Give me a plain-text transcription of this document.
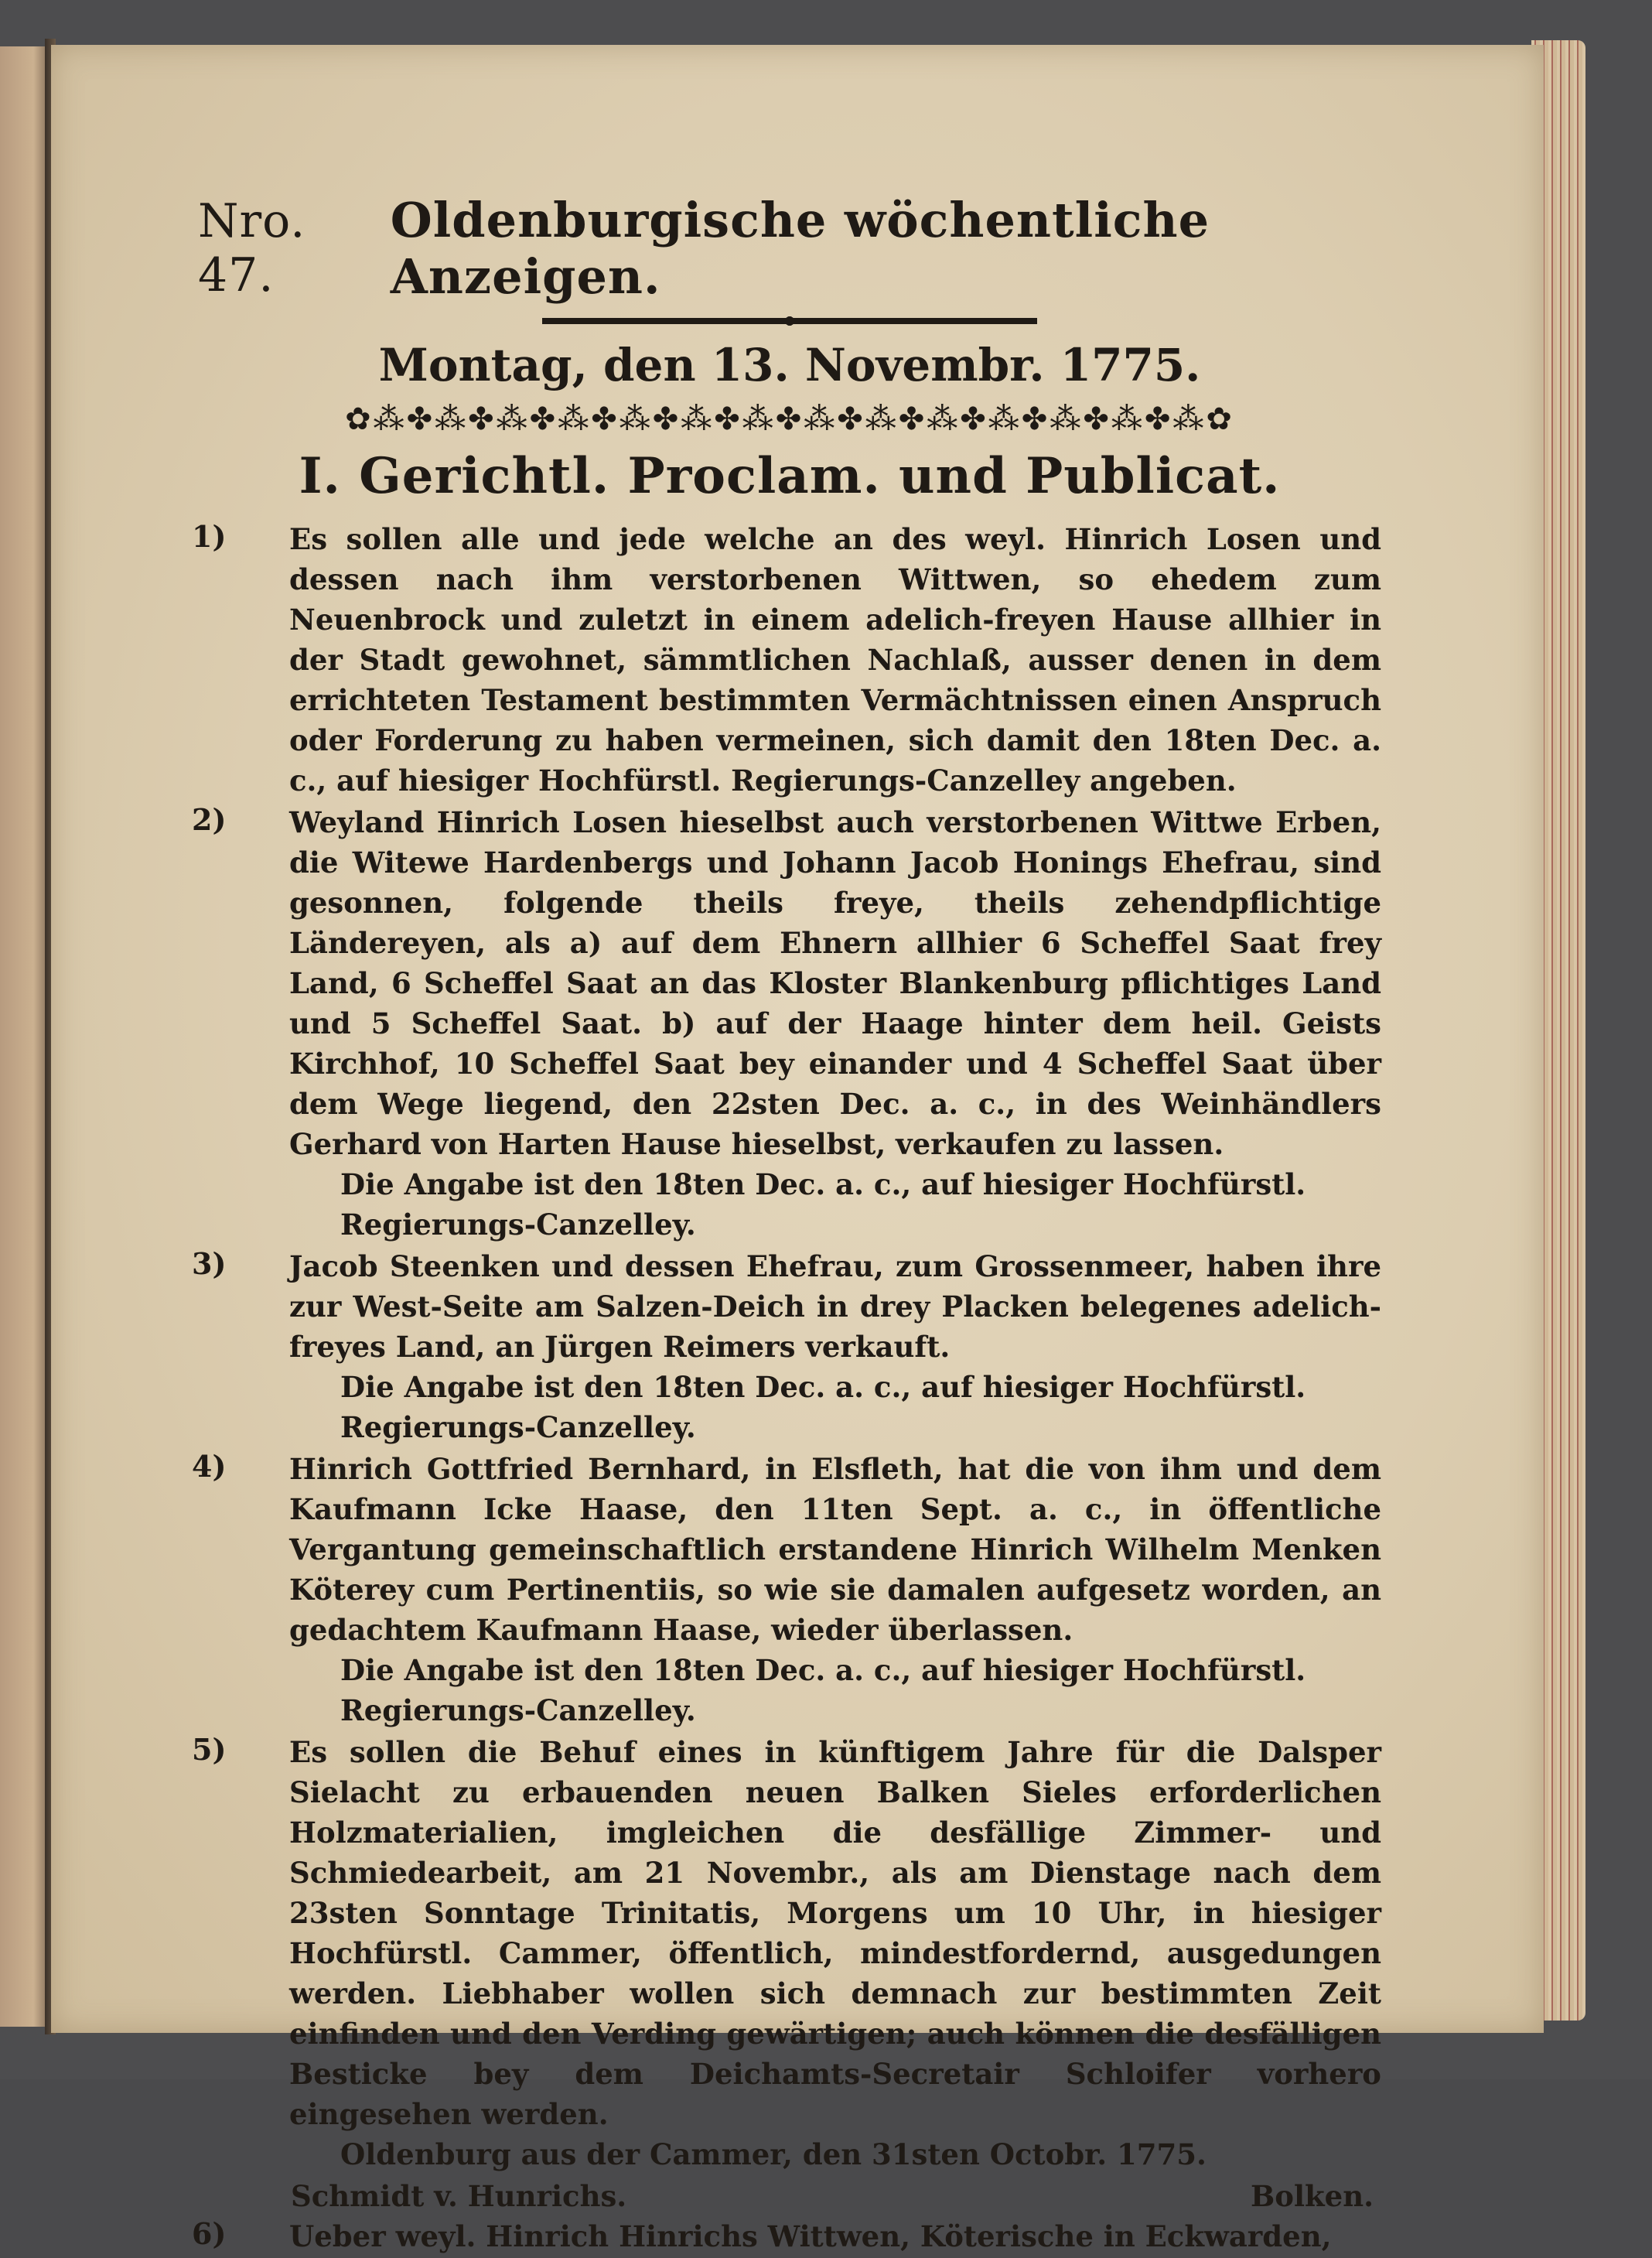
Nro. 47.
Oldenburgische wöchentliche Anzeigen.
Montag, den 13. Novembr. 1775.
✿⁂✤⁂✤⁂✤⁂✤⁂✤⁂✤⁂✤⁂✤⁂✤⁂✤⁂✤⁂✤⁂✤⁂✿
I. Gerichtl. Proclam. und Publicat.
1) Es sollen alle und jede welche an des weyl. Hinrich Losen und dessen nach ihm verstorbenen Wittwen, so ehedem zum Neuenbrock und zuletzt in einem adelich-freyen Hause allhier in der Stadt gewohnet, sämmtlichen Nachlaß, ausser denen in dem errichteten Testament bestimmten Vermächtnissen einen Anspruch oder Forderung zu haben vermeinen, sich damit den 18ten Dec. a. c., auf hiesiger Hochfürstl. Regierungs-Canzelley angeben.
2) Weyland Hinrich Losen hieselbst auch verstorbenen Wittwe Erben, die Witewe Hardenbergs und Johann Jacob Honings Ehefrau, sind gesonnen, folgende theils freye, theils zehendpflichtige Ländereyen, als a) auf dem Ehnern allhier 6 Scheffel Saat frey Land, 6 Scheffel Saat an das Kloster Blankenburg pflichtiges Land und 5 Scheffel Saat. b) auf der Haage hinter dem heil. Geists Kirchhof, 10 Scheffel Saat bey einander und 4 Scheffel Saat über dem Wege liegend, den 22sten Dec. a. c., in des Weinhändlers Gerhard von Harten Hause hieselbst, verkaufen zu lassen.
Die Angabe ist den 18ten Dec. a. c., auf hiesiger Hochfürstl.
Regierungs-Canzelley.
3) Jacob Steenken und dessen Ehefrau, zum Grossenmeer, haben ihre zur West-Seite am Salzen-Deich in drey Placken belegenes adelich-freyes Land, an Jürgen Reimers verkauft.
Die Angabe ist den 18ten Dec. a. c., auf hiesiger Hochfürstl.
Regierungs-Canzelley.
4) Hinrich Gottfried Bernhard, in Elsfleth, hat die von ihm und dem Kaufmann Icke Haase, den 11ten Sept. a. c., in öffentliche Vergantung gemeinschaftlich erstandene Hinrich Wilhelm Menken Köterey cum Pertinentiis, so wie sie damalen aufgesetz worden, an gedachtem Kaufmann Haase, wieder überlassen.
Die Angabe ist den 18ten Dec. a. c., auf hiesiger Hochfürstl.
Regierungs-Canzelley.
5) Es sollen die Behuf eines in künftigem Jahre für die Dalsper Sielacht zu erbauenden neuen Balken Sieles erforderlichen Holzmaterialien, imgleichen die desfällige Zimmer- und Schmiedearbeit, am 21 Novembr., als am Dienstage nach dem 23sten Sonntage Trinitatis, Morgens um 10 Uhr, in hiesiger Hochfürstl. Cammer, öffentlich, mindestfordernd, ausgedungen werden. Liebhaber wollen sich demnach zur bestimmten Zeit einfinden und den Verding gewärtigen; auch können die desfälligen Besticke bey dem Deichamts-Secretair Schloifer vorhero eingesehen werden.
Oldenburg aus der Cammer, den 31sten Octobr. 1775.
Schmidt v. Hunrichs.	Bolken.
6) Ueber weyl. Hinrich Hinrichs Wittwen, Köterische in Eckwarden,
